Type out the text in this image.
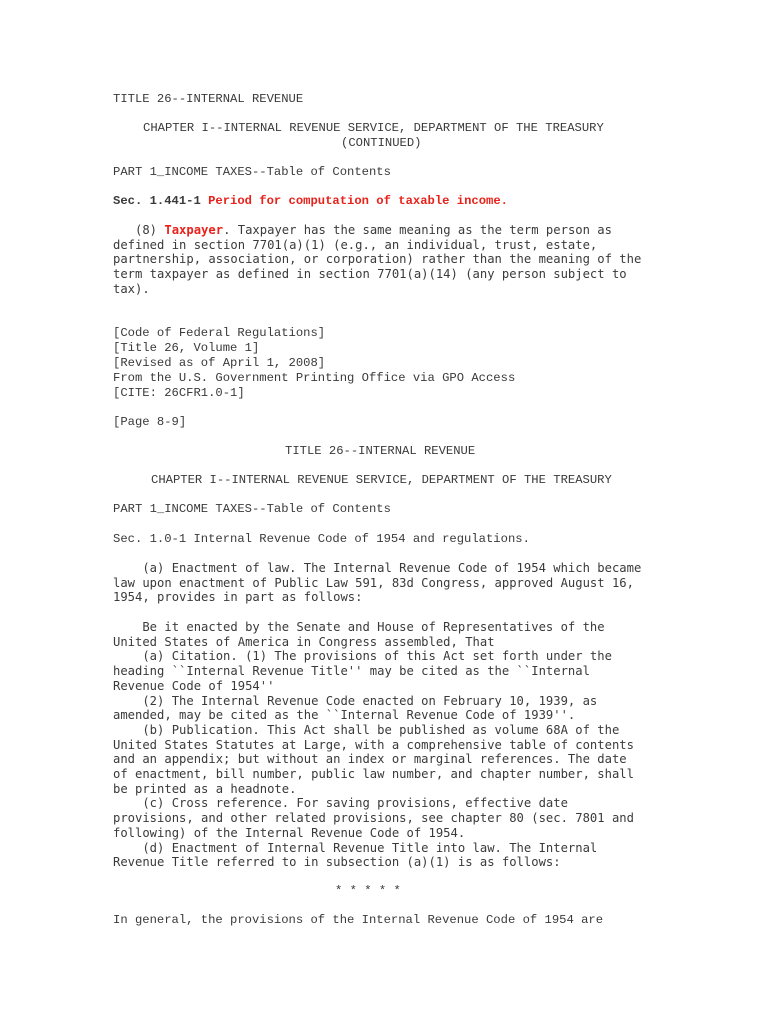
TITLE 26--INTERNAL REVENUE
CHAPTER I--INTERNAL REVENUE SERVICE, DEPARTMENT OF THE TREASURY
(CONTINUED)
PART 1_INCOME TAXES--Table of Contents
Sec. 1.441-1 Period for computation of taxable income.
(8) Taxpayer. Taxpayer has the same meaning as the term person as
defined in section 7701(a)(1) (e.g., an individual, trust, estate,
partnership, association, or corporation) rather than the meaning of the
term taxpayer as defined in section 7701(a)(14) (any person subject to
tax).
[Code of Federal Regulations]
[Title 26, Volume 1]
[Revised as of April 1, 2008]
From the U.S. Government Printing Office via GPO Access
[CITE: 26CFR1.0-1]
[Page 8-9]
TITLE 26--INTERNAL REVENUE
CHAPTER I--INTERNAL REVENUE SERVICE, DEPARTMENT OF THE TREASURY
PART 1_INCOME TAXES--Table of Contents
Sec. 1.0-1 Internal Revenue Code of 1954 and regulations.
(a) Enactment of law. The Internal Revenue Code of 1954 which became
law upon enactment of Public Law 591, 83d Congress, approved August 16,
1954, provides in part as follows:
Be it enacted by the Senate and House of Representatives of the
United States of America in Congress assembled, That
(a) Citation. (1) The provisions of this Act set forth under the
heading ``Internal Revenue Title'' may be cited as the ``Internal
Revenue Code of 1954''
(2) The Internal Revenue Code enacted on February 10, 1939, as
amended, may be cited as the ``Internal Revenue Code of 1939''.
(b) Publication. This Act shall be published as volume 68A of the
United States Statutes at Large, with a comprehensive table of contents
and an appendix; but without an index or marginal references. The date
of enactment, bill number, public law number, and chapter number, shall
be printed as a headnote.
(c) Cross reference. For saving provisions, effective date
provisions, and other related provisions, see chapter 80 (sec. 7801 and
following) of the Internal Revenue Code of 1954.
(d) Enactment of Internal Revenue Title into law. The Internal
Revenue Title referred to in subsection (a)(1) is as follows:
* * * * *
In general, the provisions of the Internal Revenue Code of 1954 are
